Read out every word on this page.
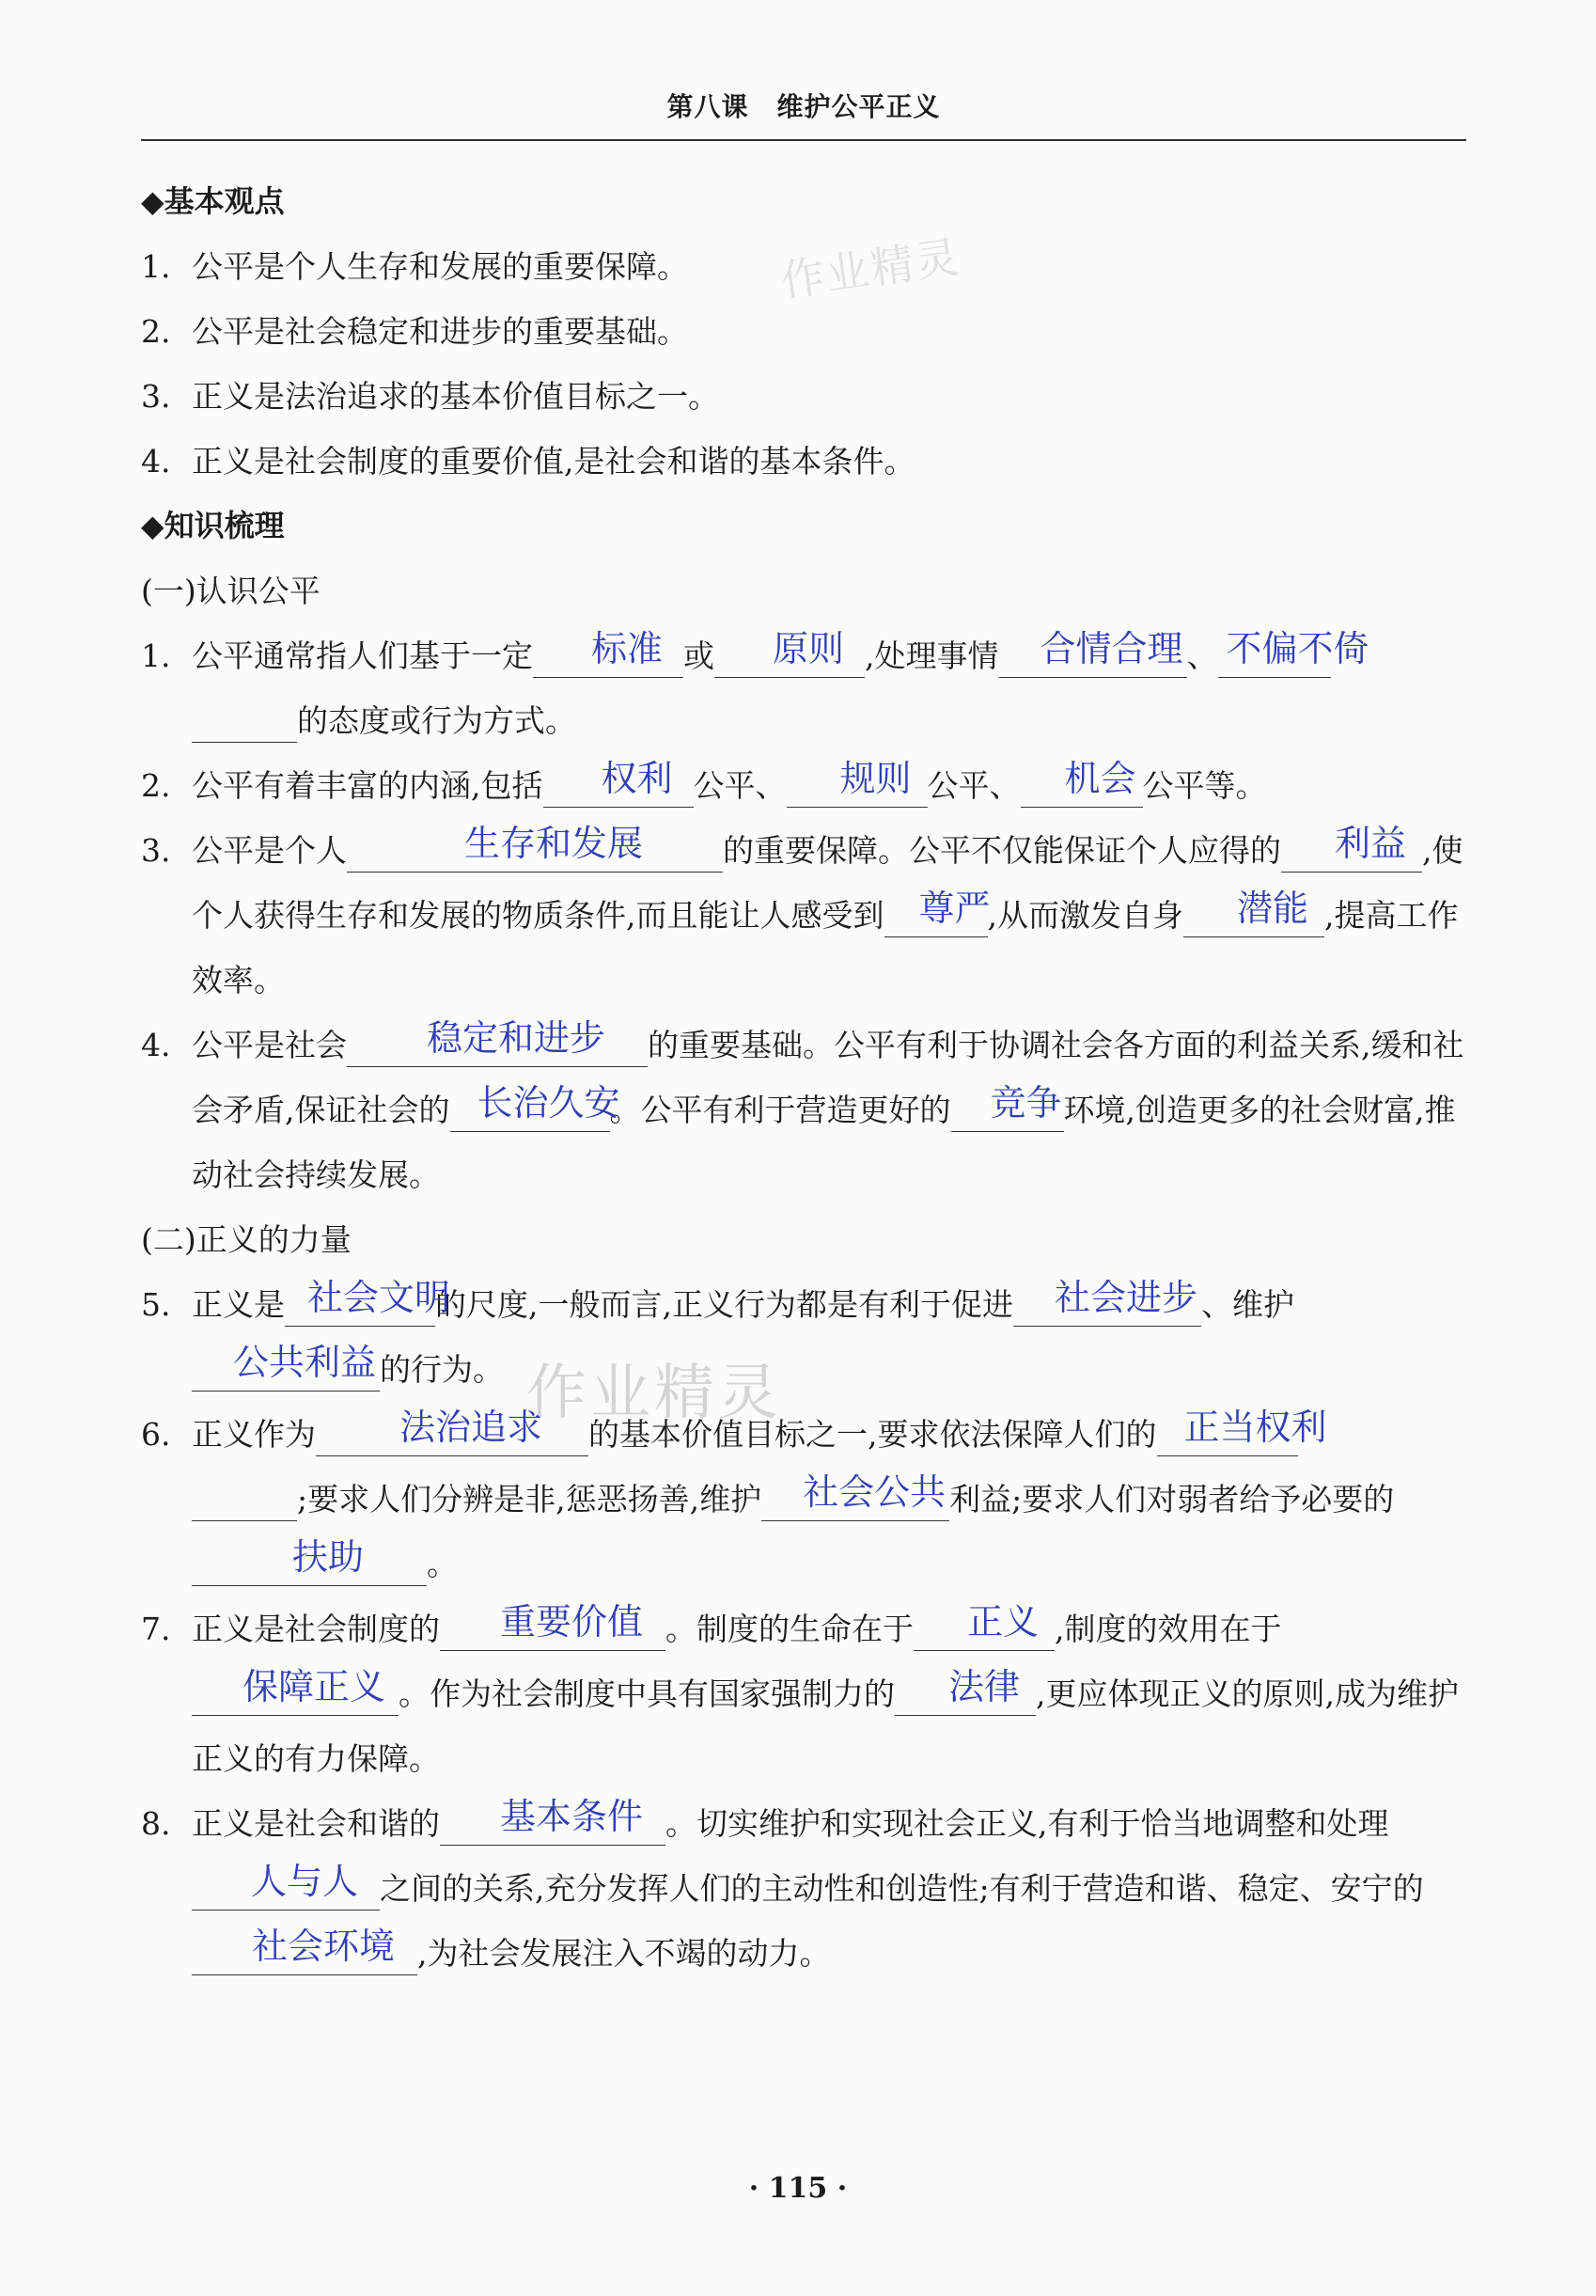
第八课 维护公平正义
作业精灵
作业精灵
◆基本观点
1. 公平是个人生存和发展的重要保障。
2. 公平是社会稳定和进步的重要基础。
3. 正义是法治追求的基本价值目标之一。
4. 正义是社会制度的重要价值,是社会和谐的基本条件。
◆知识梳理
(一)认识公平
1. 公平通常指人们基于一定	标准 或	原则 ,处理事情	合情合理 、 不偏不倚

的态度或行为方式。
2. 公平有着丰富的内涵,包括	权利 公平、	规则 公平、	机会 公平等。
3. 公平是个人	生存和发展	的重要保障。公平不仅能保证个人应得的	利益 ,使个人获得生存和发展的物质条件,而且能让人感受到 尊严
,从而激发自身	潜能 ,提高工作效率。
4. 公平是社会	稳定和进步	的重要基础。公平有利于协调社会各方面的利益关系,缓和社会矛盾,保证社会的 长治久安
。公平有利于营造更好的	竞争 环境,创造更多的社会财富,推动社会持续发展。
(二)正义的力量
5. 正义是 社会文明
的尺度,一般而言,正义行为都是有利于促进	社会进步 、维护
公共利益 的行为。
6. 正义作为	法治追求	的基本价值目标之一,要求依法保障人们的 正当权利

;要求人们分辨是非,惩恶扬善,维护	社会公共 利益;要求人们对弱者给予必要的
扶助	。
7. 正义是社会制度的	重要价值 。制度的生命在于	正义 ,制度的效用在于
保障正义 。作为社会制度中具有国家强制力的	法律 ,更应体现正义的原则,成为维护正义的有力保障。
8. 正义是社会和谐的	基本条件 。切实维护和实现社会正义,有利于恰当地调整和处理
人与人 之间的关系,充分发挥人们的主动性和创造性;有利于营造和谐、稳定、安宁的
社会环境 ,为社会发展注入不竭的动力。
· 115 ·
